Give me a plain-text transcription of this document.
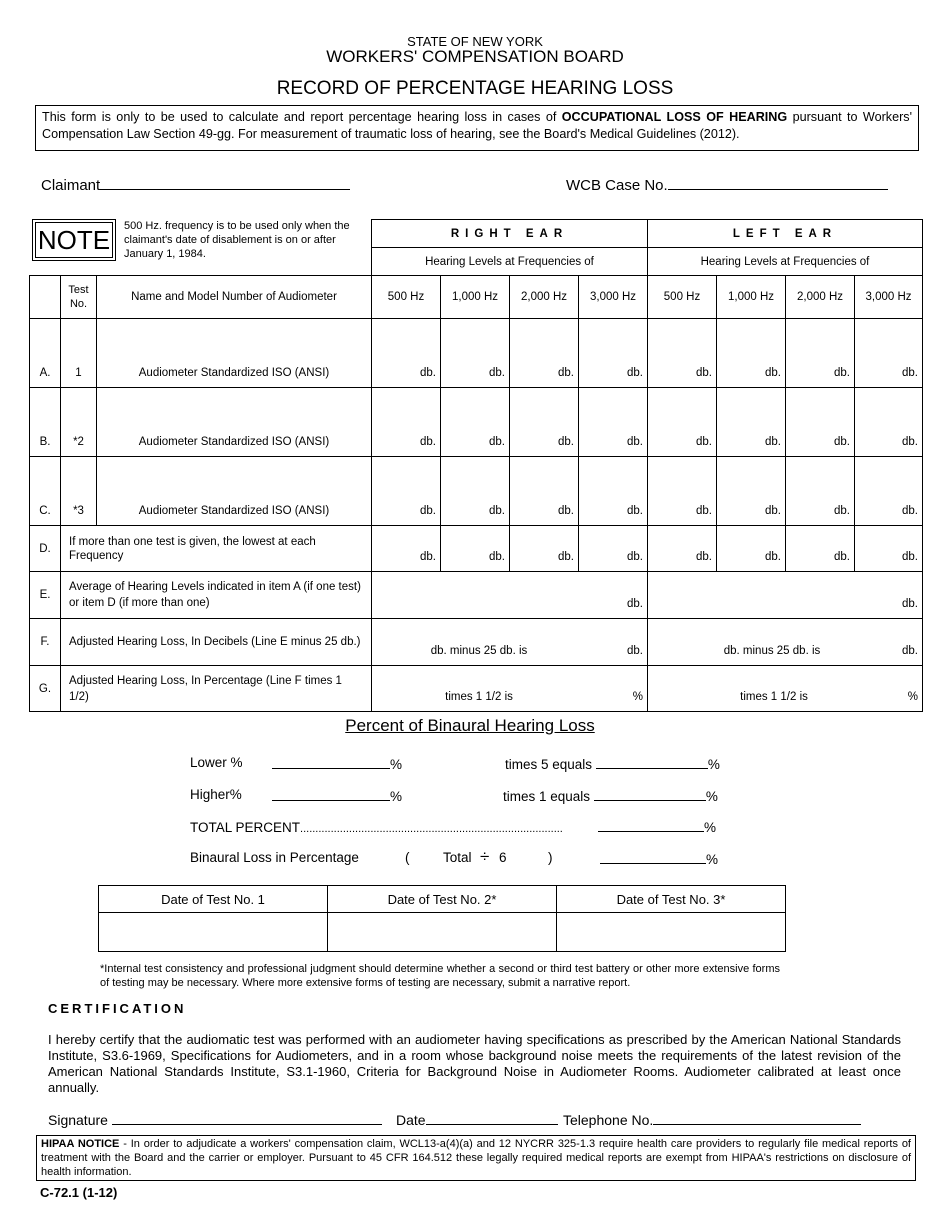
STATE OF NEW YORK
WORKERS' COMPENSATION BOARD
RECORD OF PERCENTAGE HEARING LOSS
This form is only to be used to calculate and report percentage hearing loss in cases of OCCUPATIONAL LOSS OF HEARING pursuant to Workers' Compensation Law Section 49-gg. For measurement of traumatic loss of hearing, see the Board's Medical Guidelines (2012).
Claimant	WCB Case No.
NOTE	500 Hz. frequency is to be used only when the claimant's date of disablement is on or after January 1, 1984.
RIGHT EAR	LEFT EAR
Hearing Levels at Frequencies of	Hearing Levels at Frequencies of
	Test No.	Name and Model Number of Audiometer	500 Hz	1,000 Hz	2,000 Hz	3,000 Hz	500 Hz	1,000 Hz	2,000 Hz	3,000 Hz
A.	1	Audiometer Standardized ISO (ANSI)	db.	db.	db.	db.	db.	db.	db.	db.
B.	*2	Audiometer Standardized ISO (ANSI)	db.	db.	db.	db.	db.	db.	db.	db.
C.	*3	Audiometer Standardized ISO (ANSI)	db.	db.	db.	db.	db.	db.	db.	db.
D.	If more than one test is given, the lowest at each Frequency		db.	db.	db.	db.	db.	db.	db.	db.
E.	Average of Hearing Levels indicated in item A (if one test) or item D (if more than one)		db.				db.			
F.	Adjusted Hearing Loss, In Decibels (Line E minus 25 db.)		db. minus 25 db. is db.				db. minus 25 db. is db.			

G.	Adjusted Hearing Loss, In Percentage (Line F times 1 1/2)		times 1 1/2 is %				times 1 1/2 is %			
Percent of Binaural Hearing Loss
Lower %	%	times 5 equals	%
Higher%	%	times 1 equals	%
TOTAL PERCENT......................................................................................	%
Binaural Loss in Percentage	( Total ÷ 6	)	%
Date of Test No. 1	Date of Test No. 2*	Date of Test No. 3*

*Internal test consistency and professional judgment should determine whether a second or third test battery or other more extensive forms of testing may be necessary. Where more extensive forms of testing are necessary, submit a narrative report.
CERTIFICATION
I hereby certify that the audiomatic test was performed with an audiometer having specifications as prescribed by the American National Standards Institute, S3.6-1969, Specifications for Audiometers, and in a room whose background noise meets the requirements of the latest revision of the American National Standards Institute, S3.1-1960, Criteria for Background Noise in Audiometer Rooms. Audiometer calibrated at least once annually.
Signature	Date	Telephone No.
HIPAA NOTICE - In order to adjudicate a workers' compensation claim, WCL13-a(4)(a) and 12 NYCRR 325-1.3 require health care providers to regularly file medical reports of treatment with the Board and the carrier or employer. Pursuant to 45 CFR 164.512 these legally required medical reports are exempt from HIPAA's restrictions on disclosure of health information.
C-72.1 (1-12)
